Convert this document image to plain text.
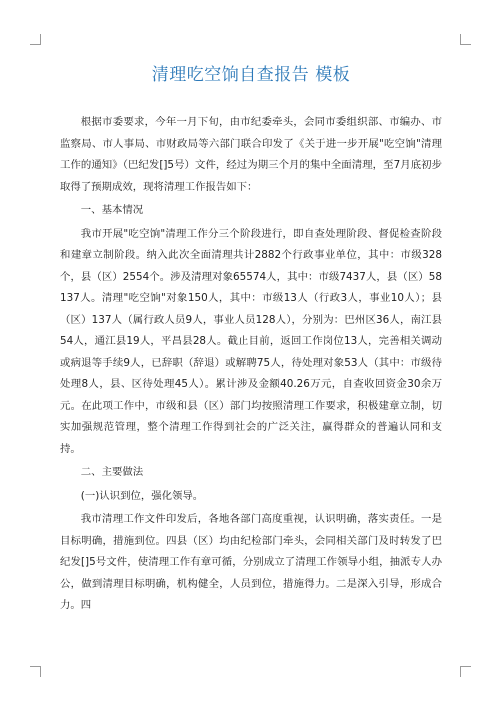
清理吃空饷自查报告 模板

根据市委要求，今年一月下旬，由市纪委牵头，会同市委组织部、市编办、市监察局、市人事局、市财政局等六部门联合印发了《关于进一步开展"吃空饷"清理工作的通知》（巴纪发[]5号）文件，经过为期三个月的集中全面清理，至7月底初步取得了预期成效，现将清理工作报告如下：

一、基本情况

我市开展"吃空饷"清理工作分三个阶段进行，即自查处理阶段、督促检查阶段和建章立制阶段。纳入此次全面清理共计2882个行政事业单位，其中：市级328个，县（区）2554个。涉及清理对象65574人，其中：市级7437人，县（区）58137人。清理"吃空饷"对象150人，其中：市级13人（行政3人，事业10人）；县（区）137人（属行政人员9人，事业人员128人），分别为：巴州区36人，南江县54人，通江县19人，平昌县28人。截止目前，返回工作岗位13人，完善相关调动或病退等手续9人，已辞职（辞退）或解聘75人，待处理对象53人（其中：市级待处理8人，县、区待处理45人）。累计涉及金额40.26万元，自查收回资金30余万元。在此项工作中，市级和县（区）部门均按照清理工作要求，积极建章立制，切实加强规范管理，整个清理工作得到社会的广泛关注，赢得群众的普遍认同和支持。

二、主要做法

(一)认识到位，强化领导。

我市清理工作文件印发后，各地各部门高度重视，认识明确，落实责任。一是目标明确，措施到位。四县（区）均由纪检部门牵头，会同相关部门及时转发了巴纪发[]5号文件，使清理工作有章可循，分别成立了清理工作领导小组，抽派专人办公，做到清理目标明确，机构健全，人员到位，措施得力。二是深入引导，形成合力。四
